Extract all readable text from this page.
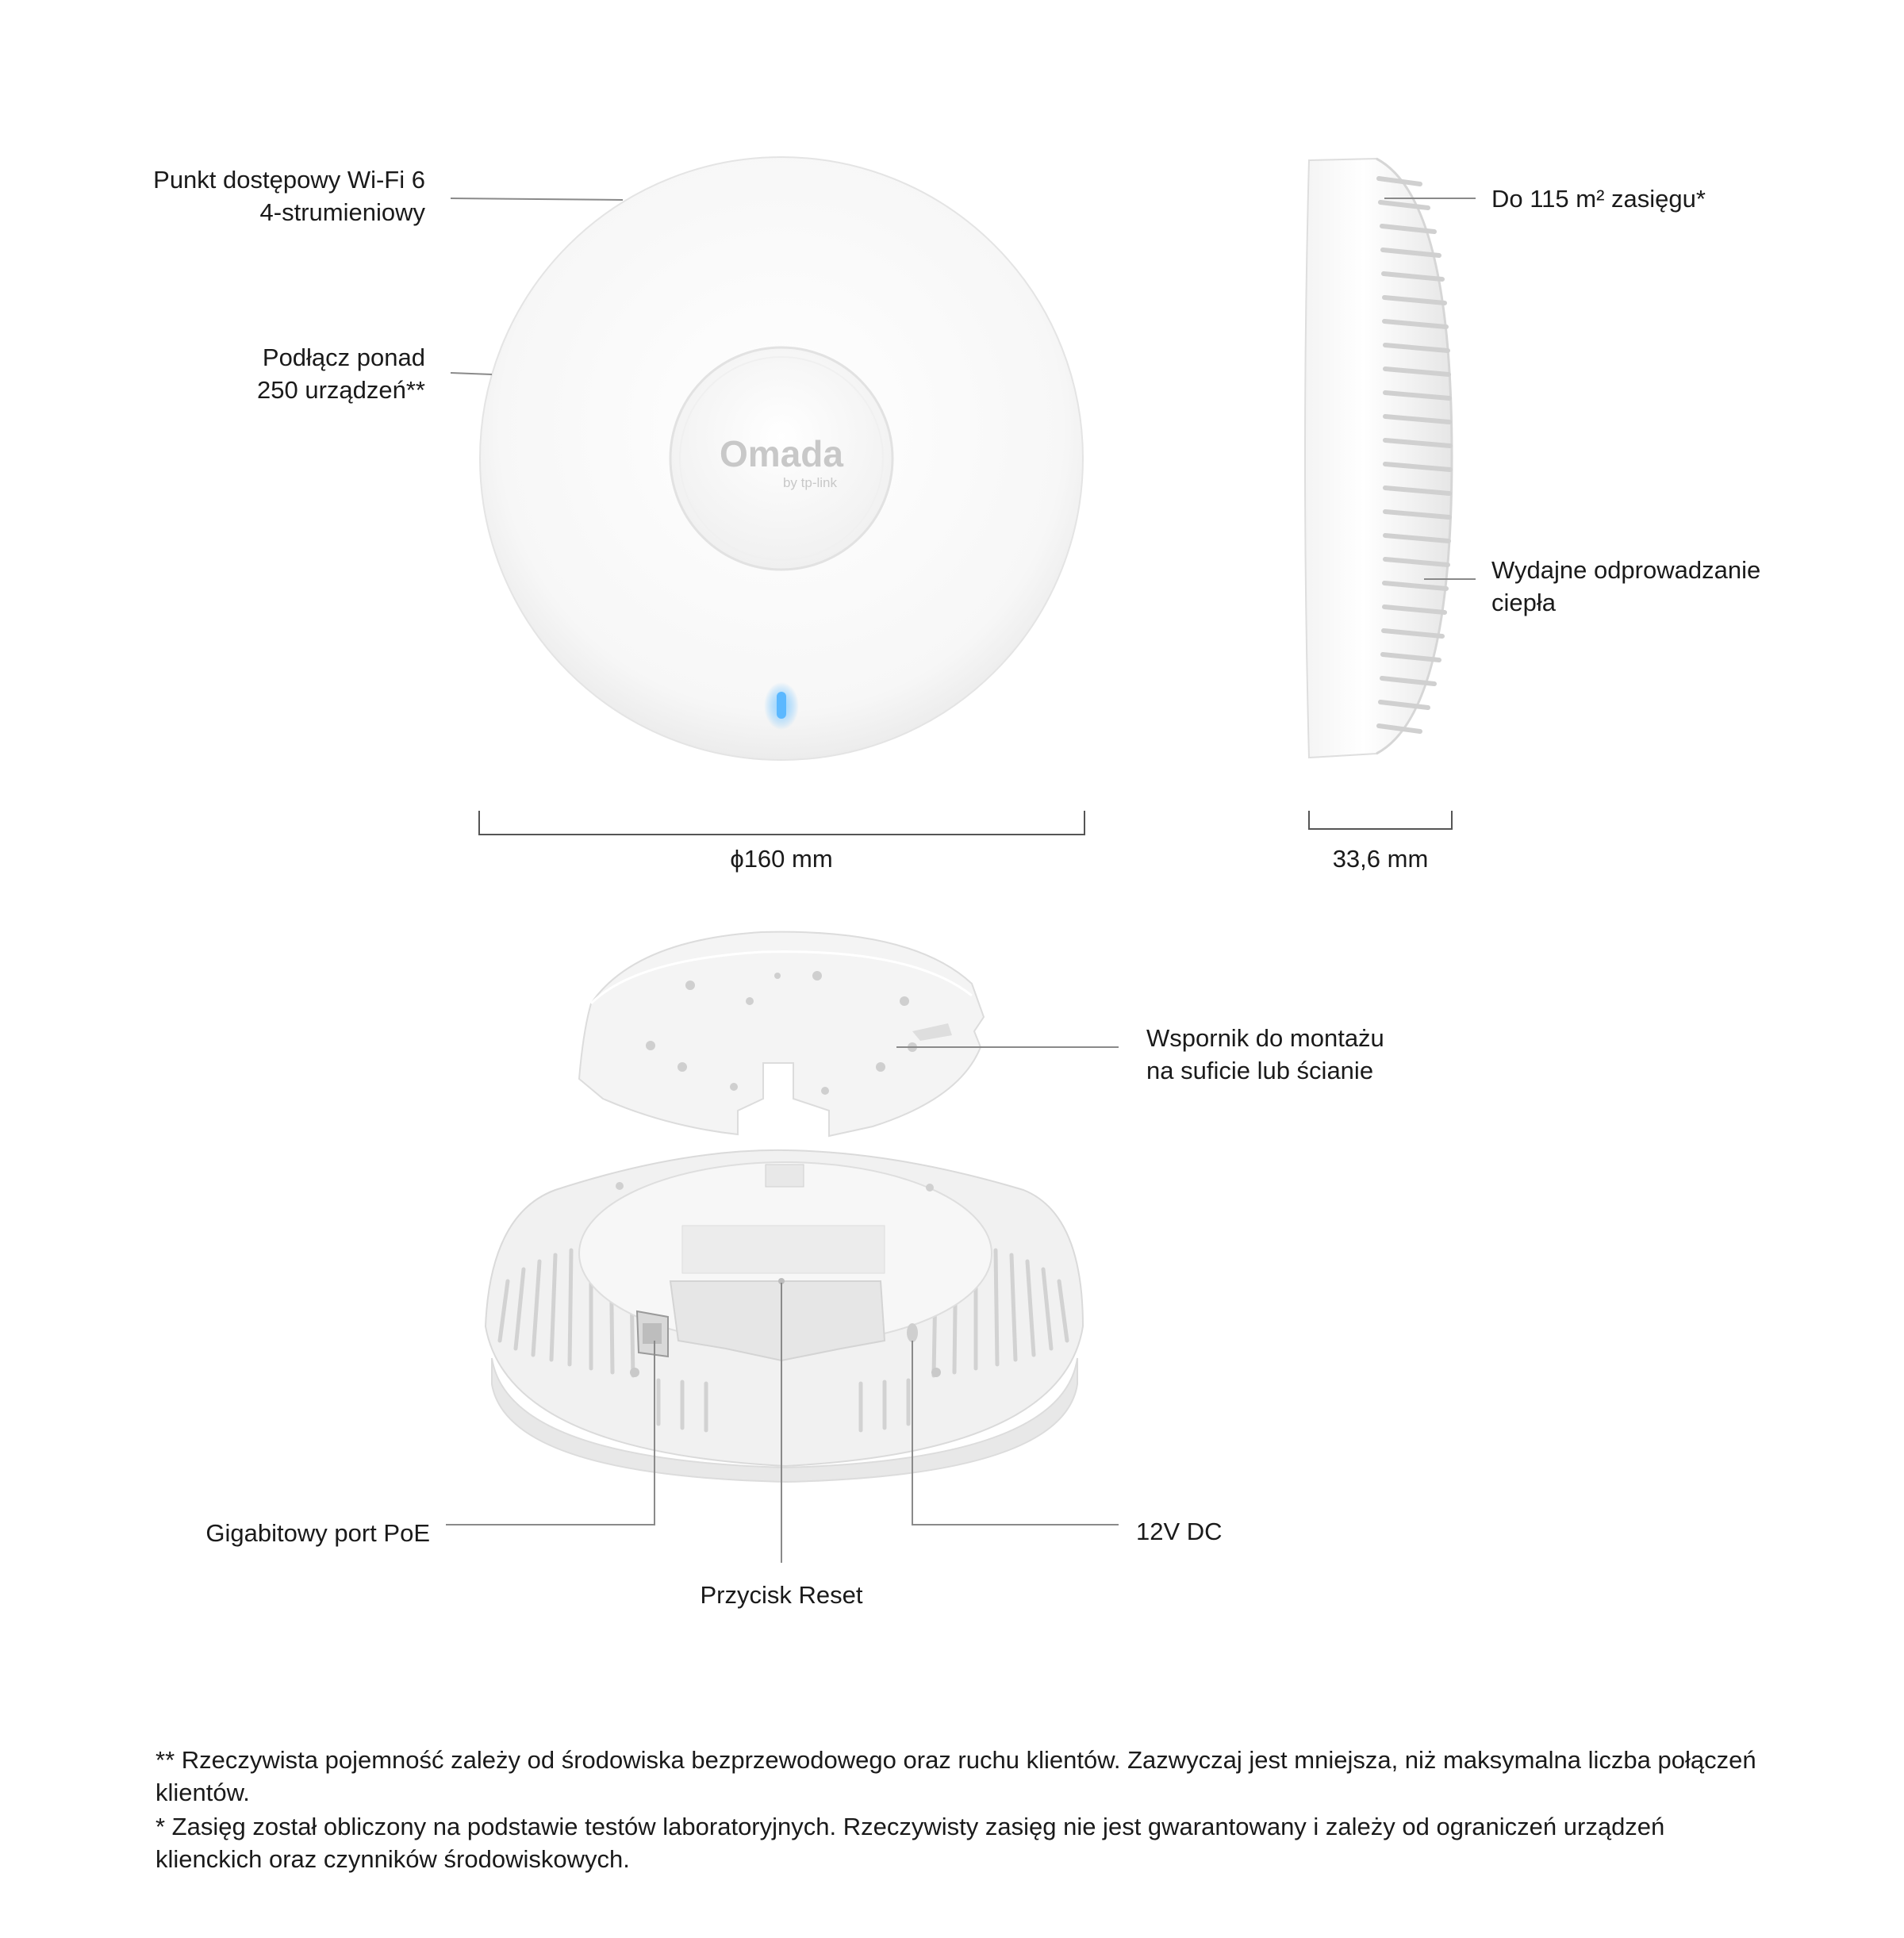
Omada
by tp-link
Punkt dostępowy Wi-Fi 6
4-strumieniowy
Podłącz ponad
250 urządzeń**
Do 115 m² zasięgu*
Wydajne odprowadzanie
ciepła
ϕ160 mm	33,6 mm
Wspornik do montażu
na suficie lub ścianie
Gigabitowy port PoE	12V DC
Przycisk Reset
** Rzeczywista pojemność zależy od środowiska bezprzewodowego oraz ruchu klientów. Zazwyczaj jest mniejsza, niż maksymalna liczba połączeń klientów.
* Zasięg został obliczony na podstawie testów laboratoryjnych. Rzeczywisty zasięg nie jest gwarantowany i zależy od ograniczeń urządzeń klienckich oraz czynników środowiskowych.
